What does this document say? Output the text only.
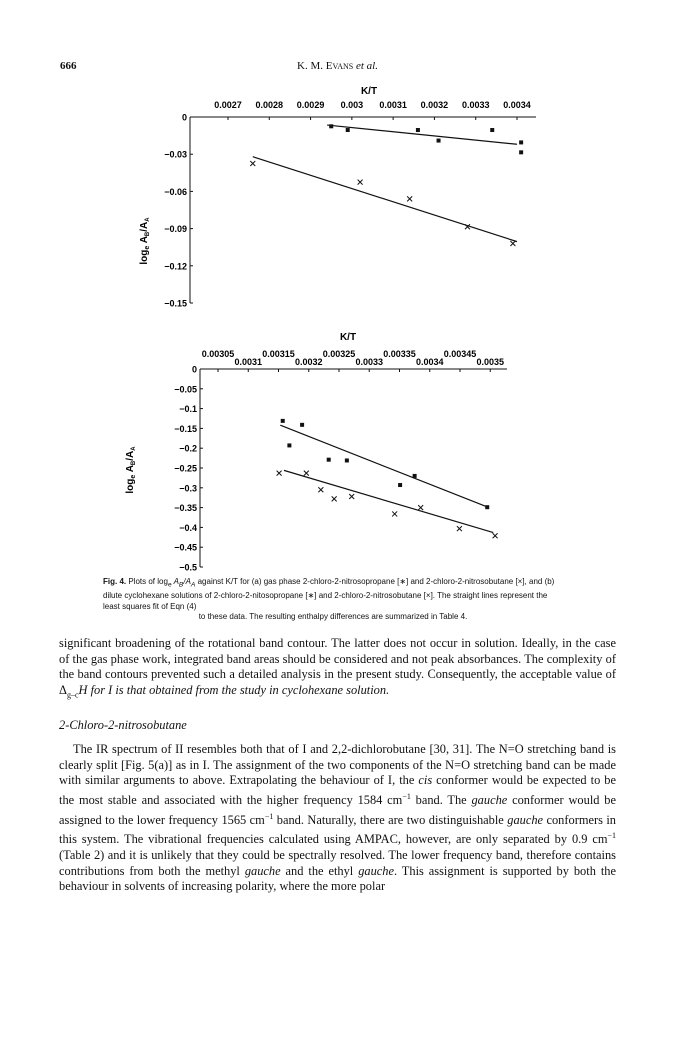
666	K. M. Evans et al.
K/T
0.0027 0.0028 0.0029 0.003 0.0031 0.0032 0.0033 0.0034
0
−0.03
−0.06
−0.09
−0.12
−0.15
$\log_e A_B/A_A$
K/T
0.00305	0.00315	0.00325	0.00335	0.00345
0.0031	0.0032	0.0033	0.0034	0.0035
0
−0.05
−0.1
−0.15
−0.2
−0.25
−0.3
−0.35
−0.4
−0.45
−0.5
$\log_e A_B/A_A$
Fig. 4. Plots of $\log_e A_B/A_A$ against K/T for (a) gas phase 2-chloro-2-nitrosopropane [∗] and 2-chloro-2-nitrosobutane [×], and (b) dilute cyclohexane solutions of 2-chloro-2-nitosopropane [∗] and 2-chloro-2-nitrosobutane [×]. The straight lines represent the least squares fit of Eqn (4)
to these data. The resulting enthalpy differences are summarized in Table 4.

significant broadening of the rotational band contour. The latter does not occur in solution. Ideally, in the case of the gas phase work, integrated band areas should be considered and not peak absorbances. The complexity of the band contours prevented such a detailed analysis in the present study. Consequently, the acceptable value of $\Delta_{g-c}H$ for I is that obtained from the study in cyclohexane solution.

2-Chloro-2-nitrosobutane

The IR spectrum of II resembles both that of I and 2,2-dichlorobutane [30, 31]. The N=O stretching band is clearly split [Fig. 5(a)] as in I. The assignment of the two components of the N=O stretching band can be made with similar arguments to above. Extrapolating the behaviour of I, the cis conformer would be expected to be the most stable and associated with the higher frequency 1584 $cm^{-1}$ band. The gauche conformer would be assigned to the lower frequency 1565 $cm^{-1}$ band. Naturally, there are two distinguishable gauche conformers in this system. The vibrational frequencies calculated using AMPAC, however, are only separated by 0.9 $cm^{-1}$ (Table 2) and it is unlikely that they could be spectrally resolved. The lower frequency band, therefore contains contributions from both the methyl gauche and the ethyl gauche. This assignment is supported by both the behaviour in solvents of increasing polarity, where the more polar
